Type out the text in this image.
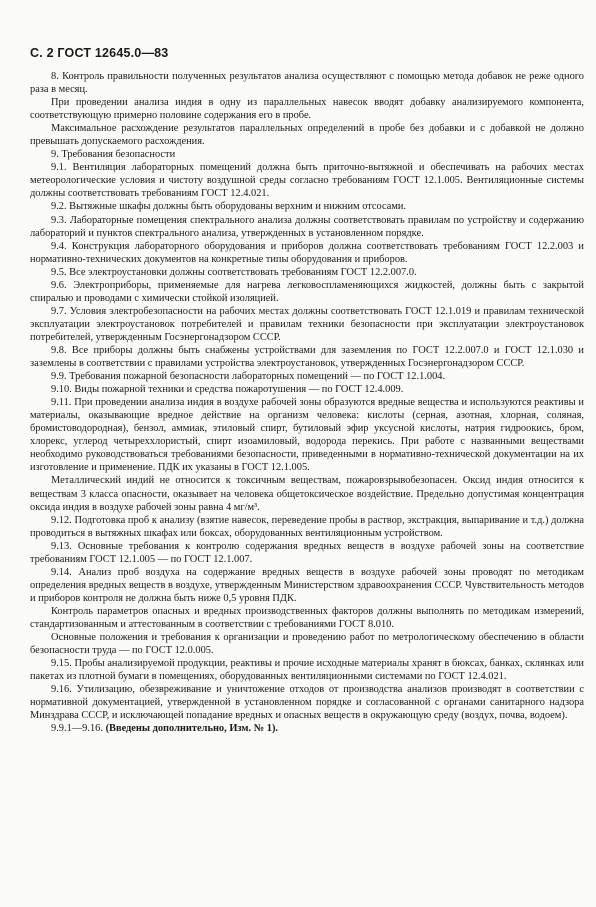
С. 2 ГОСТ 12645.0—83

8. Контроль правильности полученных результатов анализа осуществляют с помощью метода добавок не реже одного раза в месяц.

При проведении анализа индия в одну из параллельных навесок вводят добавку анализируемого компонента, соответствующую примерно половине содержания его в пробе.

Максимальное расхождение результатов параллельных определений в пробе без добавки и с добавкой не должно превышать допускаемого расхождения.

9. Требования безопасности

9.1. Вентиляция лабораторных помещений должна быть приточно-вытяжной и обеспечивать на рабочих местах метеорологические условия и чистоту воздушной среды согласно требованиям ГОСТ 12.1.005. Вентиляционные системы должны соответствовать требованиям ГОСТ 12.4.021.

9.2. Вытяжные шкафы должны быть оборудованы верхним и нижним отсосами.

9.3. Лабораторные помещения спектрального анализа должны соответствовать правилам по устройству и содержанию лабораторий и пунктов спектрального анализа, утвержденных в установленном порядке.

9.4. Конструкция лабораторного оборудования и приборов должна соответствовать требованиям ГОСТ 12.2.003 и нормативно-технических документов на конкретные типы оборудования и приборов.

9.5. Все электроустановки должны соответствовать требованиям ГОСТ 12.2.007.0.

9.6. Электроприборы, применяемые для нагрева легковоспламеняющихся жидкостей, должны быть с закрытой спиралью и проводами с химически стойкой изоляцией.

9.7. Условия электробезопасности на рабочих местах должны соответствовать ГОСТ 12.1.019 и правилам технической эксплуатации электроустановок потребителей и правилам техники безопасности при эксплуатации электроустановок потребителей, утвержденным Госэнергонадзором СССР.

9.8. Все приборы должны быть снабжены устройствами для заземления по ГОСТ 12.2.007.0 и ГОСТ 12.1.030 и заземлены в соответствии с правилами устройства электроустановок, утвержденных Госэнергонадзором СССР.

9.9. Требования пожарной безопасности лабораторных помещений — по ГОСТ 12.1.004.

9.10. Виды пожарной техники и средства пожаротушения — по ГОСТ 12.4.009.

9.11. При проведении анализа индия в воздухе рабочей зоны образуются вредные вещества и используются реактивы и материалы, оказывающие вредное действие на организм человека: кислоты (серная, азотная, хлорная, соляная, бромистоводородная), бензол, аммиак, этиловый спирт, бутиловый эфир уксусной кислоты, натрия гидроокись, бром, хлорекс, углерод четыреххлористый, спирт изоамиловый, водорода перекись. При работе с названными веществами необходимо руководствоваться требованиями безопасности, приведенными в нормативно-технической документации на их изготовление и применение. ПДК их указаны в ГОСТ 12.1.005.

Металлический индий не относится к токсичным веществам, пожаровзрывобезопасен. Оксид индия относится к веществам 3 класса опасности, оказывает на человека общетоксическое воздействие. Предельно допустимая концентрация оксида индия в воздухе рабочей зоны равна 4 мг/м³.

9.12. Подготовка проб к анализу (взятие навесок, переведение пробы в раствор, экстракция, выпаривание и т.д.) должна проводиться в вытяжных шкафах или боксах, оборудованных вентиляционным устройством.

9.13. Основные требования к контролю содержания вредных веществ в воздухе рабочей зоны на соответствие требованиям ГОСТ 12.1.005 — по ГОСТ 12.1.007.

9.14. Анализ проб воздуха на содержание вредных веществ в воздухе рабочей зоны проводят по методикам определения вредных веществ в воздухе, утвержденным Министерством здравоохранения СССР. Чувствительность методов и приборов контроля не должна быть ниже 0,5 уровня ПДК.

Контроль параметров опасных и вредных производственных факторов должны выполнять по методикам измерений, стандартизованным и аттестованным в соответствии с требованиями ГОСТ 8.010.

Основные положения и требования к организации и проведению работ по метрологическому обеспечению в области безопасности труда — по ГОСТ 12.0.005.

9.15. Пробы анализируемой продукции, реактивы и прочие исходные материалы хранят в бюксах, банках, склянках или пакетах из плотной бумаги в помещениях, оборудованных вентиляционными системами по ГОСТ 12.4.021.

9.16. Утилизацию, обезвреживание и уничтожение отходов от производства анализов производят в соответствии с нормативной документацией, утвержденной в установленном порядке и согласованной с органами санитарного надзора Минздрава СССР, и исключающей попадание вредных и опасных веществ в окружающую среду (воздух, почва, водоем).

9.9.1—9.16. (Введены дополнительно, Изм. № 1).
